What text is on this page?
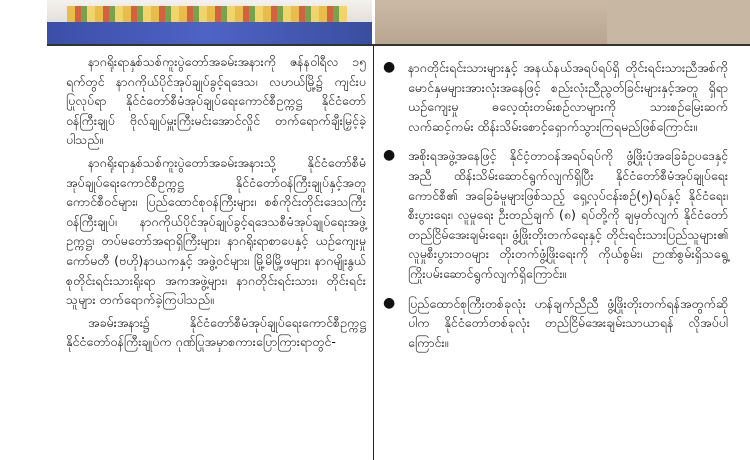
နာဂရိုးရာနှစ်သစ်ကူးပွဲတော်အခမ်းအနားကို ဇန်နဝါရီလ ၁၅ ရက်တွင် နာဂကိုယ်ပိုင်အုပ်ချုပ်ခွင့်ရဒေသ၊ လဟယ်မြို့၌ ကျင်းပပြုလုပ်ရာ နိုင်ငံတော်စီမံအုပ်ချုပ်ရေးကောင်စီဥက္ကဋ္ဌ နိုင်ငံတော်ဝန်ကြီးချုပ် ဗိုလ်ချုပ်မှူးကြီးမင်းအောင်လှိုင် တက်ရောက်ချီးမြှင့်ခဲ့ပါသည်။

နာဂရိုးရာနှစ်သစ်ကူးပွဲတော်အခမ်းအနားသို့ နိုင်ငံတော်စီမံအုပ်ချုပ်ရေးကောင်စီဥက္ကဋ္ဌ နိုင်ငံတော်ဝန်ကြီးချုပ်နှင့်အတူ ကောင်စီဝင်များ၊ ပြည်ထောင်စုဝန်ကြီးများ၊ စစ်ကိုင်းတိုင်းဒေသကြီးဝန်ကြီးချုပ်၊ နာဂကိုယ်ပိုင်အုပ်ချုပ်ခွင့်ရဒေသစီမံအုပ်ချုပ်ရေးအဖွဲ့ဥက္ကဋ္ဌ၊ တပ်မတော်အရာရှိကြီးများ၊ နာဂရိုးရာစာပေနှင့် ယဉ်ကျေးမှုကော်မတီ (ဗဟို)နာယကနှင့် အဖွဲ့ဝင်များ၊ မြို့မိမြို့ဖများ၊ နာဂမျိုးနွယ်စုတိုင်းရင်းသားရိုးရာ အကအဖွဲ့များ၊ နာဂတိုင်းရင်းသား၊ တိုင်းရင်းသူများ တက်ရောက်ခဲ့ကြပါသည်။

အခမ်းအနား၌ နိုင်ငံတော်စီမံအုပ်ချုပ်ရေးကောင်စီဥက္ကဋ္ဌ နိုင်ငံတော်ဝန်ကြီးချုပ်က ဂုဏ်ပြုအမှာစကားပြောကြားရာတွင်-

● နာဂတိုင်းရင်းသားများနှင့် အနယ်နယ်အရပ်ရပ်ရှိ တိုင်းရင်းသားညီအစ်ကို မောင်နှမများအားလုံးအနေဖြင့် စည်းလုံးညီညွတ်ခြင်းများနှင့်အတူ ရှိရာယဉ်ကျေးမှု ဓလေ့ထုံးတမ်းစဉ်လာများကို သားစဉ်မြေးဆက် လက်ဆင့်ကမ်း ထိန်းသိမ်းစောင့်ရှောက်သွားကြရမည်ဖြစ်ကြောင်း။
● အစိုးရအဖွဲ့အနေဖြင့် နိုင်ငံ့တာဝန်အရပ်ရပ်ကို ဖွံ့ဖြိုးပုံအခြေခံဥပဒေနှင့်အညီ ထိန်းသိမ်းဆောင်ရွက်လျက်ရှိပြီး နိုင်ငံတော်စီမံအုပ်ချုပ်ရေးကောင်စီ၏ အခြေခံမူများဖြစ်သည့် ရှေ့လုပ်ငန်းစဉ်(၅)ရပ်နှင့် နိုင်ငံရေး၊ စီးပွားရေး၊ လူမှုရေး ဦးတည်ချက် (၈) ရပ်တို့ကို ချမှတ်လျက် နိုင်ငံတော်တည်ငြိမ်အေးချမ်းရေး၊ ဖွံ့ဖြိုးတိုးတက်ရေးနှင့် တိုင်းရင်းသားပြည်သူများ၏ လူမှုစီးပွားဘဝများ တိုးတက်ဖွံ့ဖြိုးရေးကို ကိုယ်စွမ်း၊ ဉာဏ်စွမ်းရှိသရွေ့ ကြိုးပမ်းဆောင်ရွက်လျက်ရှိကြောင်း။
● ပြည်ထောင်စုကြီးတစ်ခုလုံး ဟန်ချက်ညီညီ ဖွံ့ဖြိုးတိုးတက်ရန်အတွက်ဆိုပါက နိုင်ငံတော်တစ်ခုလုံး တည်ငြိမ်အေးချမ်းသာယာရန် လိုအပ်ပါကြောင်း။
